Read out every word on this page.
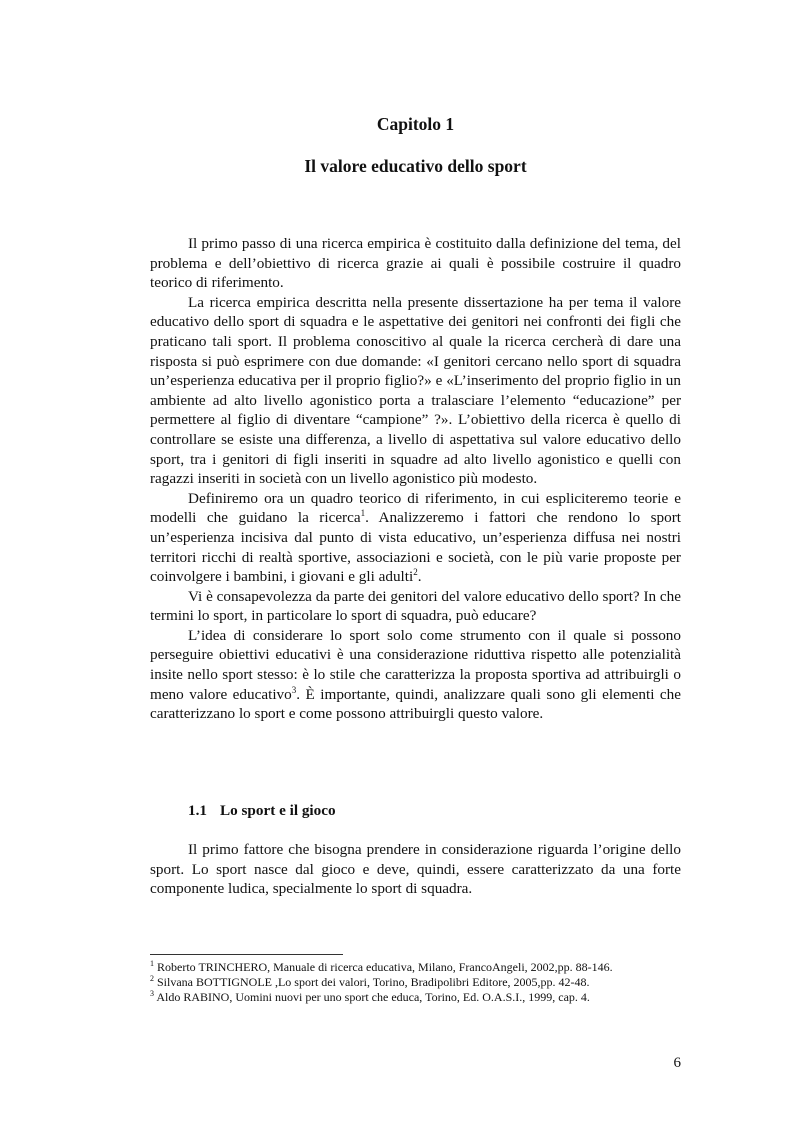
Capitolo 1
Il valore educativo dello sport

Il primo passo di una ricerca empirica è costituito dalla definizione del tema, del problema e dell’obiettivo di ricerca grazie ai quali è possibile costruire il quadro teorico di riferimento.

La ricerca empirica descritta nella presente dissertazione ha per tema il valore educativo dello sport di squadra e le aspettative dei genitori nei confronti dei figli che praticano tali sport. Il problema conoscitivo al quale la ricerca cercherà di dare una risposta si può esprimere con due domande: «I genitori cercano nello sport di squadra un’esperienza educativa per il proprio figlio?» e «L’inserimento del proprio figlio in un ambiente ad alto livello agonistico porta a tralasciare l’elemento “educazione” per permettere al figlio di diventare “campione” ?». L’obiettivo della ricerca è quello di controllare se esiste una differenza, a livello di aspettativa sul valore educativo dello sport, tra i genitori di figli inseriti in squadre ad alto livello agonistico e quelli con ragazzi inseriti in società con un livello agonistico più modesto.

Definiremo ora un quadro teorico di riferimento, in cui espliciteremo teorie e modelli che guidano la ricerca$^1$. Analizzeremo i fattori che rendono lo sport un’esperienza incisiva dal punto di vista educativo, un’esperienza diffusa nei nostri territori ricchi di realtà sportive, associazioni e società, con le più varie proposte per coinvolgere i bambini, i giovani e gli adulti$^2$.

Vi è consapevolezza da parte dei genitori del valore educativo dello sport? In che termini lo sport, in particolare lo sport di squadra, può educare?

L’idea di considerare lo sport solo come strumento con il quale si possono perseguire obiettivi educativi è una considerazione riduttiva rispetto alle potenzialità insite nello sport stesso: è lo stile che caratterizza la proposta sportiva ad attribuirgli o meno valore educativo$^3$. È importante, quindi, analizzare quali sono gli elementi che caratterizzano lo sport e come possono attribuirgli questo valore.

1.1 Lo sport e il gioco

Il primo fattore che bisogna prendere in considerazione riguarda l’origine dello sport. Lo sport nasce dal gioco e deve, quindi, essere caratterizzato da una forte componente ludica, specialmente lo sport di squadra.

$^1$ Roberto TRINCHERO, Manuale di ricerca educativa, Milano, FrancoAngeli, 2002,pp. 88-146.
$^2$ Silvana BOTTIGNOLE ,Lo sport dei valori, Torino, Bradipolibri Editore, 2005,pp. 42-48.
$^3$ Aldo RABINO, Uomini nuovi per uno sport che educa, Torino, Ed. O.A.S.I., 1999, cap. 4.
6
